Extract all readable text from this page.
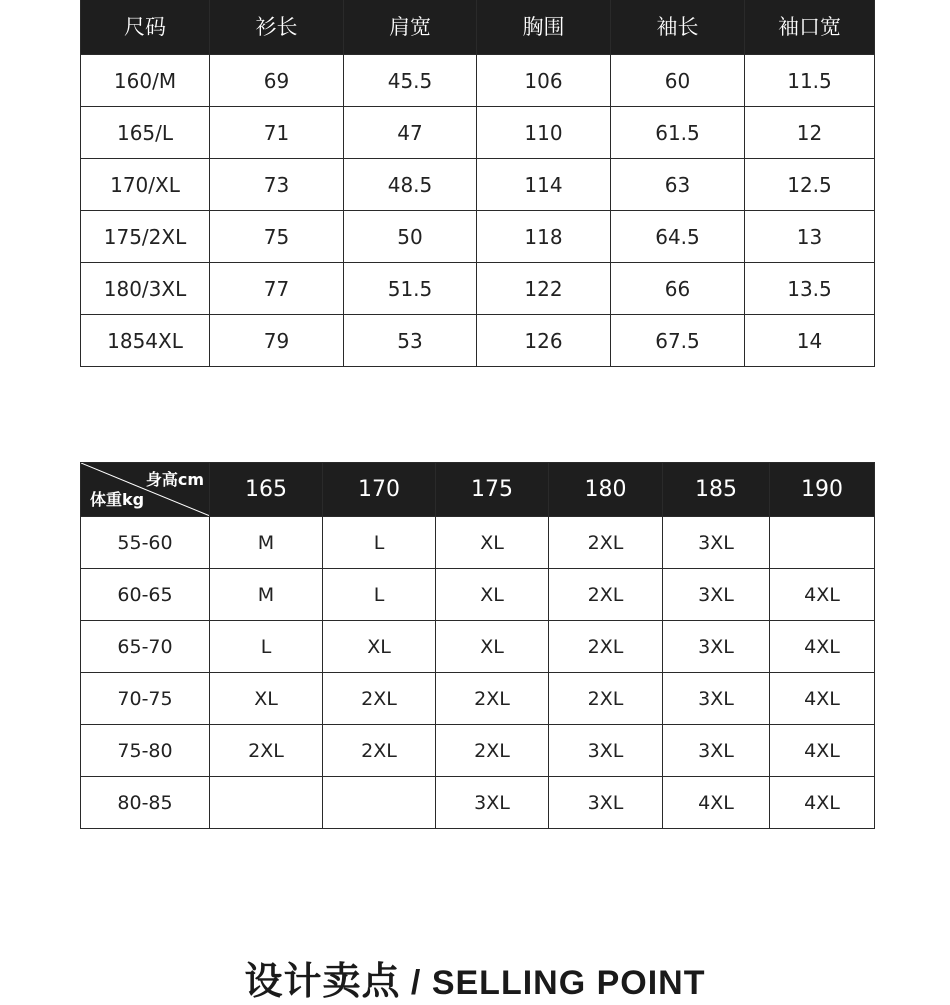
尺码	衫长	肩宽	胸围	袖长	袖口宽
160/M	69	45.5	106	60	11.5
165/L	71	47	110	61.5	12
170/XL	73	48.5	114	63	12.5
175/2XL	75	50	118	64.5	13
180/3XL	77	51.5	122	66	13.5
1854XL	79	53	126	67.5	14
身高cm
体重kg	165	170	175	180	185	190
55-60	M	L	XL	2XL	3XL	
60-65	M	L	XL	2XL	3XL	4XL
65-70	L	XL	XL	2XL	3XL	4XL
70-75	XL	2XL	2XL	2XL	3XL	4XL
75-80	2XL	2XL	2XL	3XL	3XL	4XL
80-85			3XL	3XL	4XL	4XL
设计卖点 / SELLING POINT
